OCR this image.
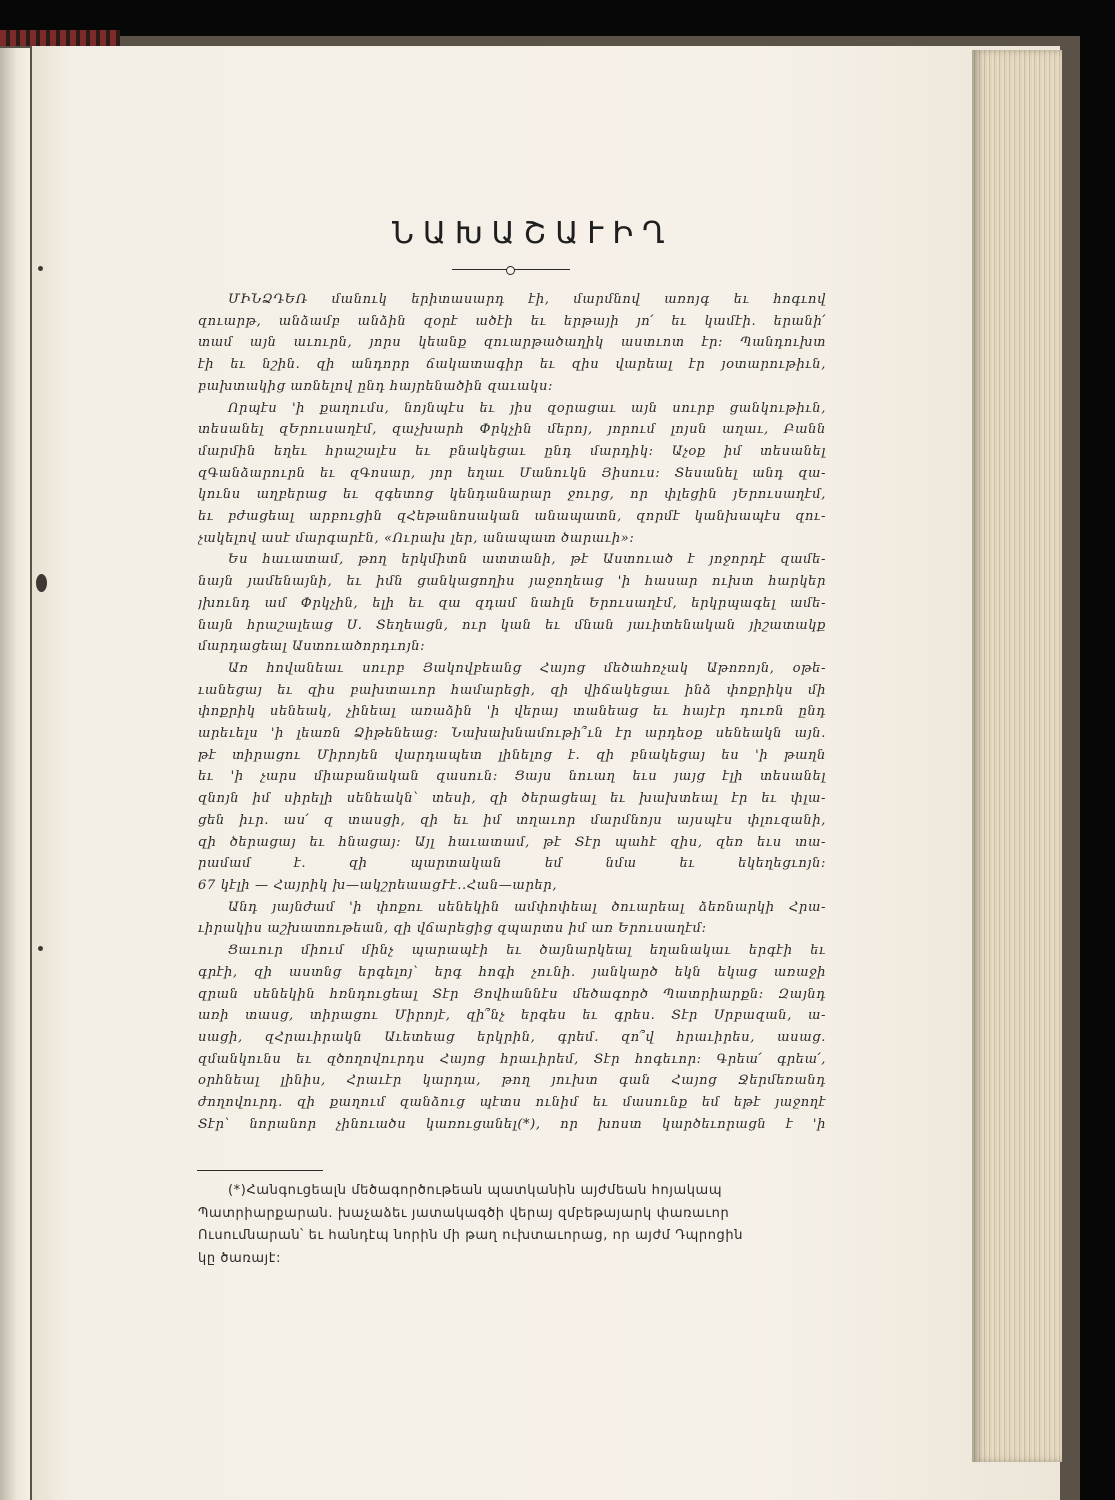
ՆԱԽԱՇԱՒԻՂ
ՄԻՆՁԴԵՌ մանուկ երիտասարդ էի, մարմնով առոյգ եւ հոգւով
զուարթ, անձամբ անձին զօրէ ածէի եւ երթայի յո՛ եւ կամէի. երանի՛
տամ այն աւուրն, յորս կեանք զուարթածաղիկ աստւոտ էր: Պանդուխտ
էի եւ նշին. զի անդորր ճակատագիր եւ զիս վարեալ էր յօտարութիւն,
բախտակից առնելով ընդ հայրենածին զաւակս:
Որպէս 'ի քաղումս, նոյնպէս եւ յիս զօրացաւ այն սուրբ ցանկութիւն,
տեսանել զԵրուսաղէմ, զաչխարհ Փրկչին մերոյ, յորում լոյսն աղաւ, Բանն
մարմին եղեւ հրաշալէս եւ բնակեցաւ ընդ մարդիկ: Աչօք իմ տեսանել
զԳանձարուրն եւ զԳոսար, յոր եղաւ Մանուկն Յիսուս: Տեսանել անդ զա-
կունս աղբերաց եւ զգետոց կենդանարար ջուրց, որ փլեցին յԵրուսաղէմ,
եւ բժացեալ արբուցին զՀեթանոսական անապատն, զորմէ կանխապէս զու-
չակելով ասէ մարգարէն, «Ուրախ լեր, անապատ ծարաւի»:
Ես հաւատամ, թող երկմիտն ատտանի, թէ Աստուած է յոջորդէ զամե-
նայն յամենայնի, եւ իմն ցանկացողիս յաջողեաց 'ի հասար ուխտ հարկեր
յխունդ ամ Փրկչին, ելի եւ զա զդամ նահլն Երուսաղէմ, երկրպագել ամե-
նայն հրաշալեաց Ս. Տեղեացն, ուր կան եւ մնան յաւիտենական յիշատակք
մարդացեալ Աստուածորդւոյն:
Առ հովանեաւ սուրբ Յակովբեանց Հայոց մեծահռչակ Աթոռոյն, օթե-
ւանեցայ եւ զիս բախտաւոր համարեցի, զի վիճակեցաւ ինձ փոքրիկս մի
փոքրիկ սենեակ, չինեալ առաձին 'ի վերայ տանեաց եւ հայէր դուռն ընդ
արեւելս 'ի լեառն Ձիթենեաց: Նախախնամութի՞ւն էր արդեօք սենեակն այն.
թէ տիրացու Միրոյեն վարդապետ լինելոց է. զի բնակեցայ ես 'ի թաղն
եւ 'ի չարս միաբանական զասուն: Ցայս նուաղ եւս յայց էլի տեսանել
զնոյն իմ սիրելի սենեակն՝ տեսի, զի ծերացեալ եւ խախտեալ էր եւ փլա-
ցեն իւր. աս՛ զ տասցի, զի եւ իմ տղաւոր մարմնոյս այսպէս փլուզանի,
զի ծերացայ եւ հնացայ: Այլ հաւատամ, թէ Տէր պահէ զիս, զեռ եւս տա-
րամամ է. զի պարտական եմ նմա եւ եկեղեցւոյն:
67 կէլի — Հայրիկ խ—ակշրեաացՒէ..Հան—արեր,
Անդ յայնժամ 'ի փոքու սենեկին ամփոփեալ ծուարեալ ձեռնարկի Հրա-
ւիրակիս աշխատութեան, զի վճարեցից զպարտս իմ առ Երուսաղէմ:
Ցաւուր միում մինչ պարապէի եւ ծայնարկեալ եղանակաւ երգէի եւ
գրէի, զի աստնց երգելոյ՝ երգ հոգի չունի. յանկարծ եկն եկաց առաջի
զրան սենեկին հռնդուցեալ Տէր Յովհաննէս մեծագործ Պատրիարքն: Զայնդ
առի տասց, տիրացու Միրոյէ, զի՞նչ երգես եւ գրես. Տէր Սրբազան, ա-
սացի, զՀրաւիրակն Աւետեաց երկրին, գրեմ. զո՞վ հրաւիրես, ասաց.
զմանկունս եւ զծողովուրդս Հայոց հրաւիրեմ, Տէր հոգեւոր: Գրեա՛ գրեա՛,
օրհնեալ լինիս, Հրաւէր կարդա, թող յուխտ գան Հայոց Ջերմեռանդ
ժողովուրդ. զի քաղում զանձուց պէտս ունիմ եւ մասունք եմ եթէ յաջողէ
Տէր՝ նորանոր չինուածս կառուցանել(*), որ խոստ կարծեւորացն է 'ի
(*)Հանգուցեալն մեծագործութեան պատկանին այժմեան հոյակապ
Պատրիարքարան. խաչաձեւ յատակագծի վերայ զմբեթայարկ փառաւոր
Ուսումնարան՝ եւ հանդէպ նորին մի թաղ ուխտաւորաց, որ այժմ Դպրոցին
կը ծառայէ:
